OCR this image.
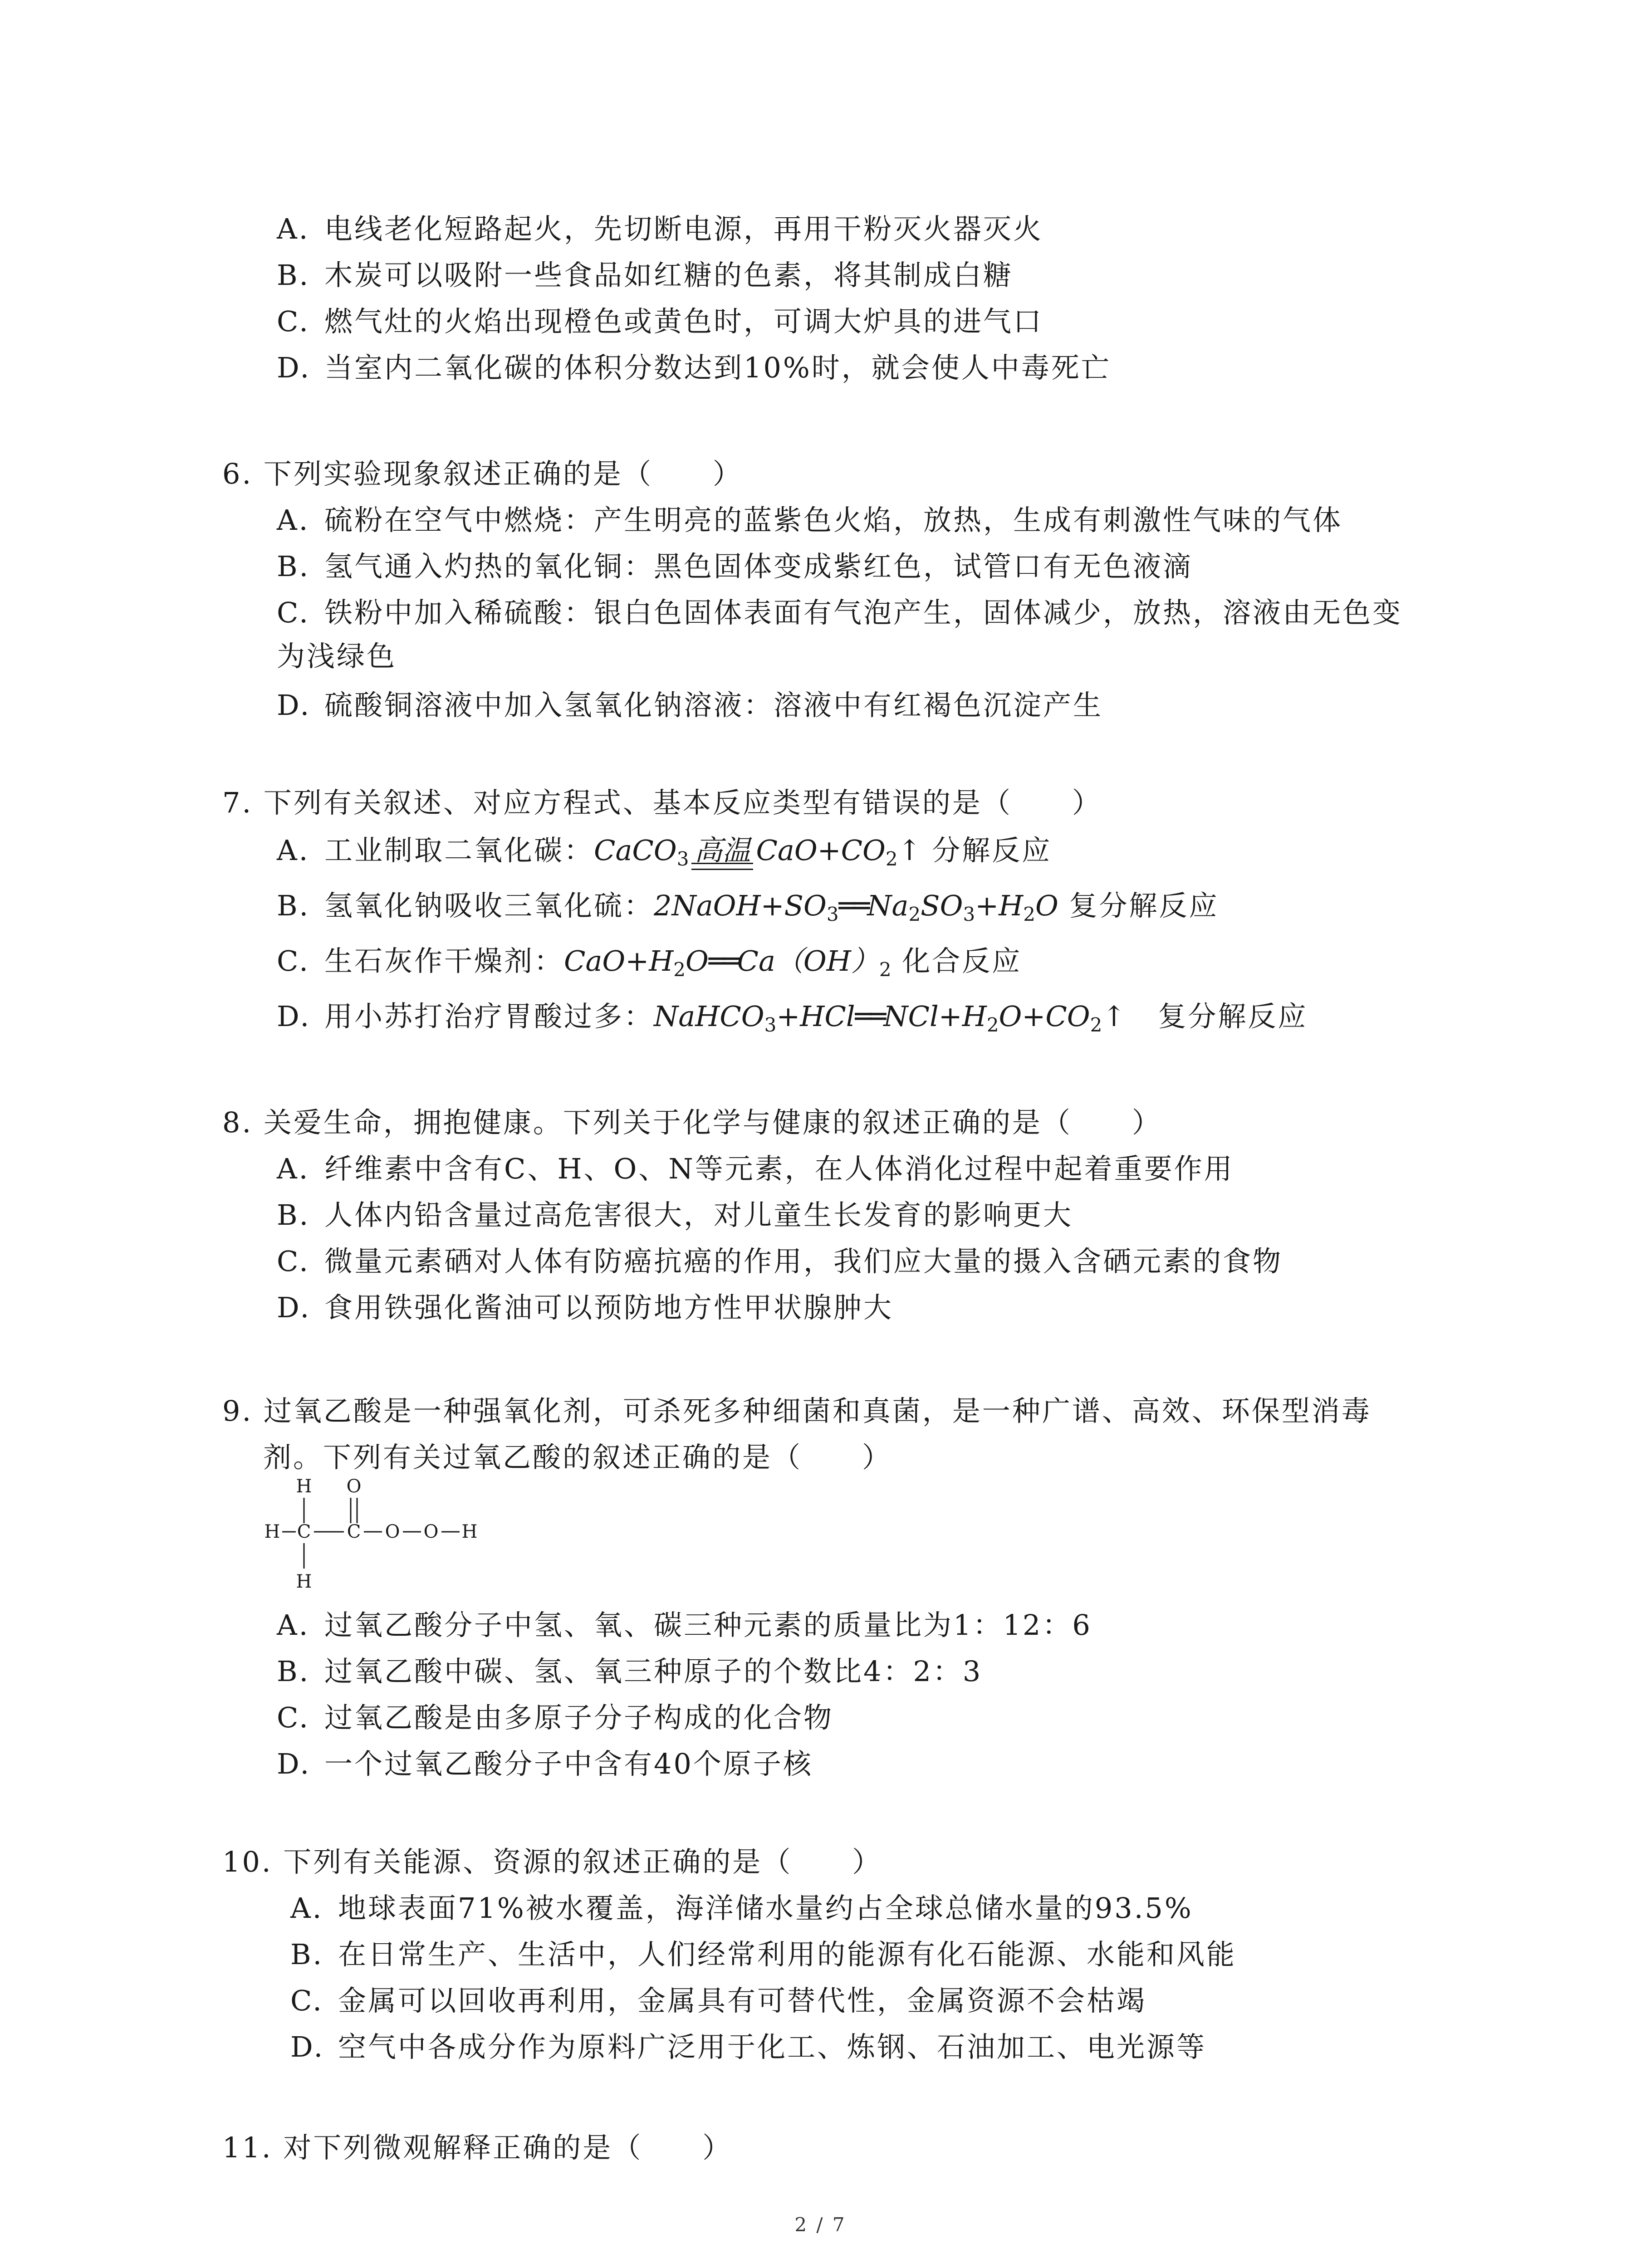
A. 电线老化短路起火，先切断电源，再用干粉灭火器灭火
B. 木炭可以吸附一些食品如红糖的色素，将其制成白糖
C. 燃气灶的火焰出现橙色或黄色时，可调大炉具的进气口
D. 当室内二氧化碳的体积分数达到10%时，就会使人中毒死亡
6. 下列实验现象叙述正确的是（　　）
A. 硫粉在空气中燃烧：产生明亮的蓝紫色火焰，放热，生成有刺激性气味的气体
B. 氢气通入灼热的氧化铜：黑色固体变成紫红色，试管口有无色液滴
C. 铁粉中加入稀硫酸：银白色固体表面有气泡产生，固体减少，放热，溶液由无色变
为浅绿色
D. 硫酸铜溶液中加入氢氧化钠溶液：溶液中有红褐色沉淀产生
7. 下列有关叙述、对应方程式、基本反应类型有错误的是（　　）
A. 工业制取二氧化碳：CaCO$_3$ 高温 $CaO+CO_2↑$ 分解反应
B. 氢氧化钠吸收三氧化硫：$2NaOH+SO_3══Na_2SO_3+H_2O$ 复分解反应
C. 生石灰作干燥剂：$CaO+H_2O══Ca(OH)_2$ 化合反应
D. 用小苏打治疗胃酸过多：$NaHCO_3+HCl══NCl+H_2O+CO_2↑$ 复分解反应
8. 关爱生命，拥抱健康。下列关于化学与健康的叙述正确的是（　　）
A. 纤维素中含有C、H、O、N等元素，在人体消化过程中起着重要作用
B. 人体内铅含量过高危害很大，对儿童生长发育的影响更大
C. 微量元素硒对人体有防癌抗癌的作用，我们应大量的摄入含硒元素的食物
D. 食用铁强化酱油可以预防地方性甲状腺肿大
9. 过氧乙酸是一种强氧化剂，可杀死多种细菌和真菌，是一种广谱、高效、环保型消毒
剂。下列有关过氧乙酸的叙述正确的是（　　）
H O
H C C O O H
H
A. 过氧乙酸分子中氢、氧、碳三种元素的质量比为1：12：6
B. 过氧乙酸中碳、氢、氧三种原子的个数比4：2：3
C. 过氧乙酸是由多原子分子构成的化合物
D. 一个过氧乙酸分子中含有40个原子核
10. 下列有关能源、资源的叙述正确的是（　　）
A. 地球表面71%被水覆盖，海洋储水量约占全球总储水量的93.5%
B. 在日常生产、生活中，人们经常利用的能源有化石能源、水能和风能
C. 金属可以回收再利用，金属具有可替代性，金属资源不会枯竭
D. 空气中各成分作为原料广泛用于化工、炼钢、石油加工、电光源等
11. 对下列微观解释正确的是（　　）
2 / 7
